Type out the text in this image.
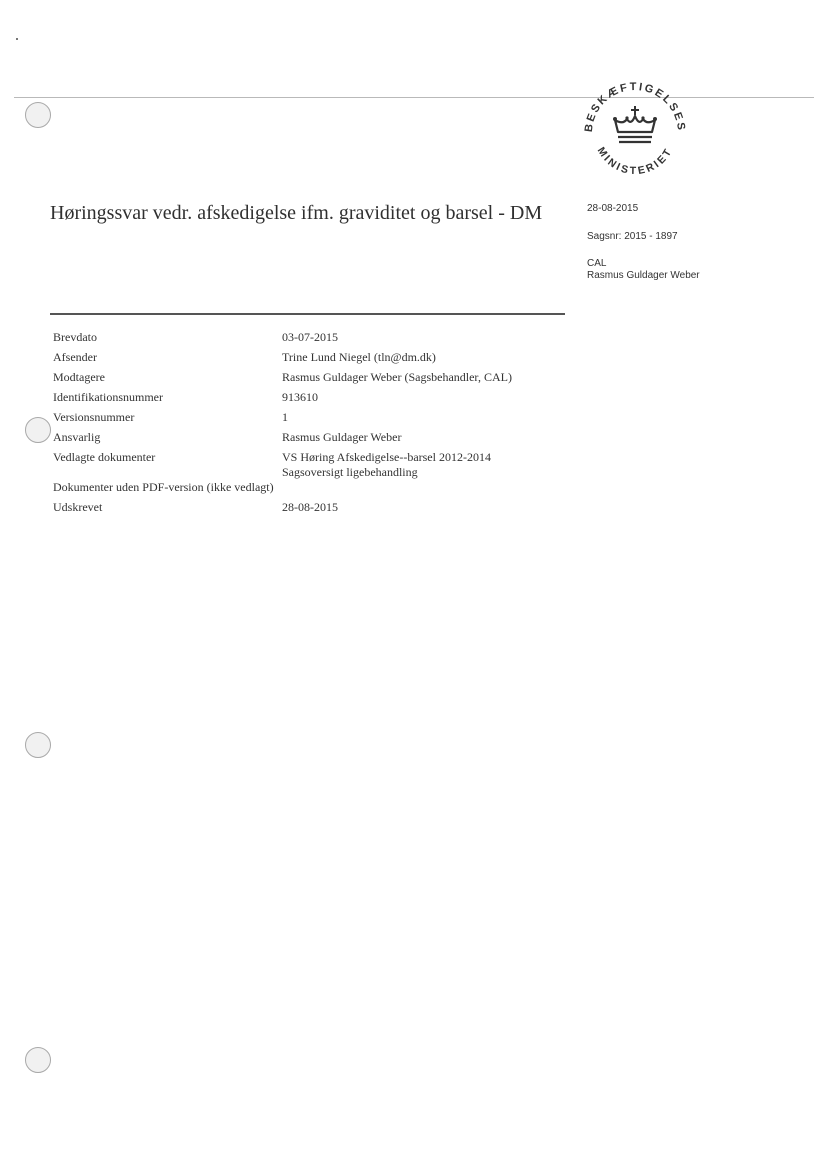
BESKÆFTIGELSES
MINISTERIET
Høringssvar vedr. afskedigelse ifm. graviditet og barsel - DM	28-08-2015
Sagsnr: 2015 - 1897
CAL
Rasmus Guldager Weber
Brevdato	03-07-2015
Afsender	Trine Lund Niegel (tln@dm.dk)
Modtagere	Rasmus Guldager Weber (Sagsbehandler, CAL)
Identifikationsnummer	913610
Versionsnummer	1
Ansvarlig	Rasmus Guldager Weber
Vedlagte dokumenter	VS Høring Afskedigelse--barsel 2012-2014
Sagsoversigt ligebehandling
Dokumenter uden PDF-version (ikke vedlagt)
Udskrevet	28-08-2015
